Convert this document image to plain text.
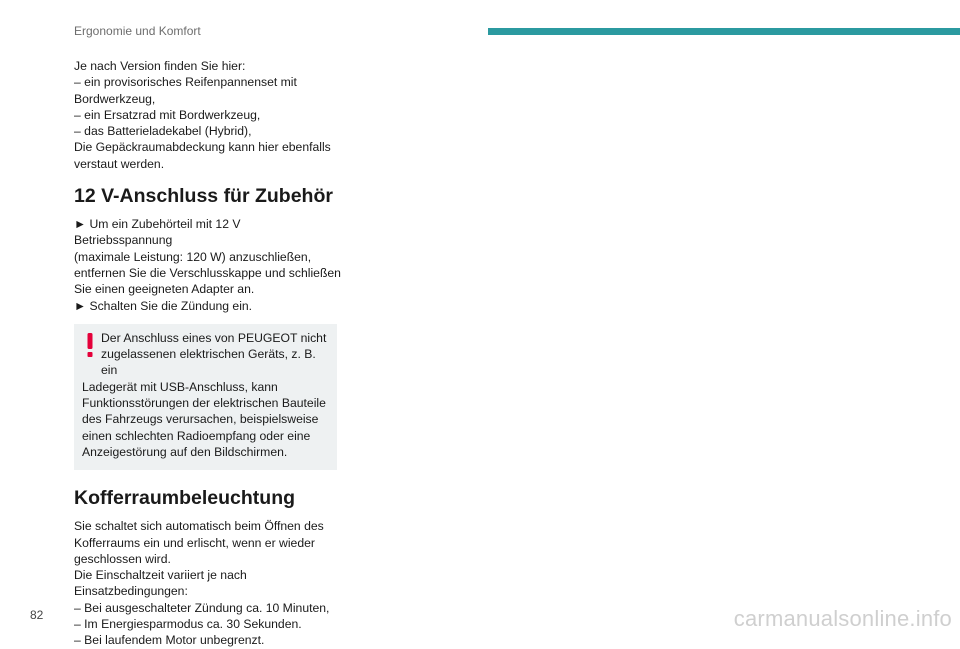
Ergonomie und Komfort

Je nach Version finden Sie hier:
– ein provisorisches Reifenpannenset mit
Bordwerkzeug,
– ein Ersatzrad mit Bordwerkzeug,
– das Batterieladekabel (Hybrid),
Die Gepäckraumabdeckung kann hier ebenfalls
verstaut werden.

12 V-Anschluss für Zubehör

► Um ein Zubehörteil mit 12 V Betriebsspannung
(maximale Leistung: 120 W) anzuschließen,
entfernen Sie die Verschlusskappe und schließen
Sie einen geeigneten Adapter an.
► Schalten Sie die Zündung ein.

Der Anschluss eines von PEUGEOT nicht
zugelassenen elektrischen Geräts, z. B. ein

Ladegerät mit USB-Anschluss, kann
Funktionsstörungen der elektrischen Bauteile
des Fahrzeugs verursachen, beispielsweise
einen schlechten Radioempfang oder eine
Anzeigestörung auf den Bildschirmen.

Kofferraumbeleuchtung

Sie schaltet sich automatisch beim Öffnen des
Kofferraums ein und erlischt, wenn er wieder
geschlossen wird.
Die Einschaltzeit variiert je nach
Einsatzbedingungen:
– Bei ausgeschalteter Zündung ca. 10 Minuten,
– Im Energiesparmodus ca. 30 Sekunden.
– Bei laufendem Motor unbegrenzt.

82	carmanualsonline.info
